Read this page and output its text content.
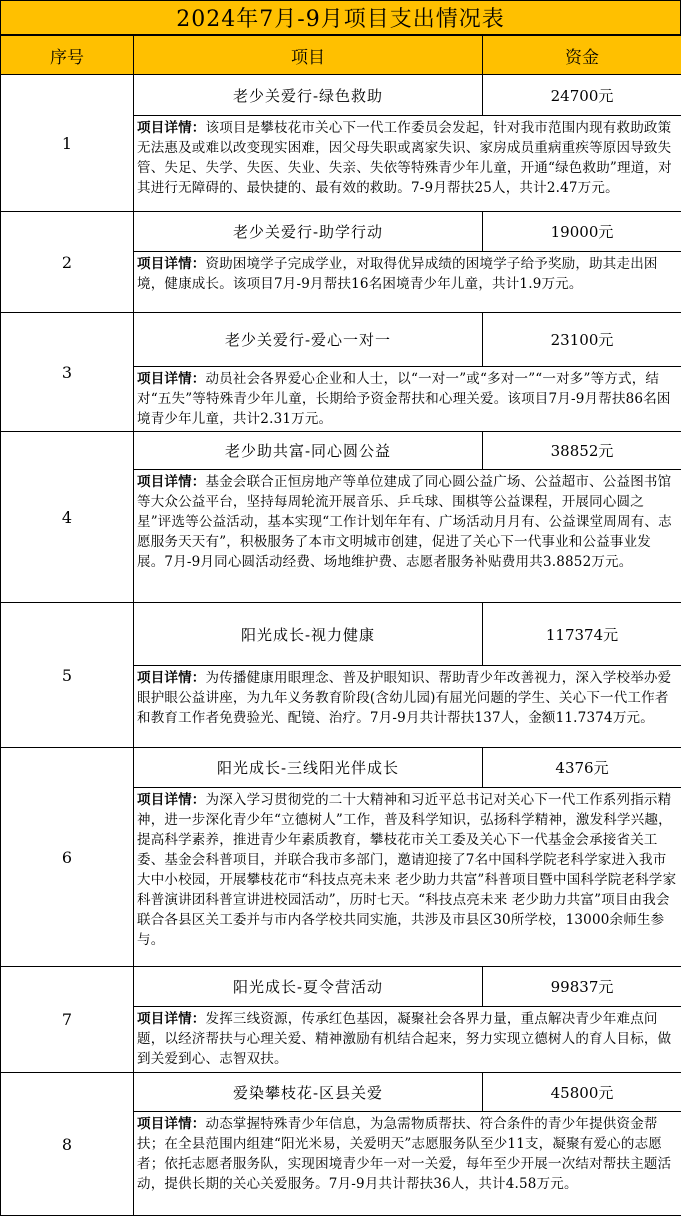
2024年7月-9月项目支出情况表
序号	项目	资金
1	老少关爱行-绿色救助	24700元
	项目详情：该项目是攀枝花市关心下一代工作委员会发起，针对我市范围内现有救助政策无法惠及或难以改变现实困难，因父母失职或离家失识、家房成员重病重疾等原因导致失管、失足、失学、失医、失业、失亲、失依等特殊青少年儿童，开通“绿色救助”理道，对其进行无障碍的、最快捷的、最有效的救助。7-9月帮扶25人，共计2.47万元。	
2	老少关爱行-助学行动	19000元
	项目详情：资助困境学子完成学业，对取得优异成绩的困境学子给予奖励，助其走出困境，健康成长。该项目7月-9月帮扶16名困境青少年儿童，共计1.9万元。	
3	老少关爱行-爱心一对一	23100元
	项目详情：动员社会各界爱心企业和人士，以“一对一”或“多对一”“一对多”等方式，结对“五失”等特殊青少年儿童，长期给予资金帮扶和心理关爱。该项目7月-9月帮扶86名困境青少年儿童，共计2.31万元。	
4	老少助共富-同心圆公益	38852元
	项目详情：基金会联合正恒房地产等单位建成了同心圆公益广场、公益超市、公益图书馆等大众公益平台，坚持每周轮流开展音乐、乒乓球、围棋等公益课程，开展同心圆之星”评选等公益活动，基本实现“工作计划年年有、广场活动月月有、公益课堂周周有、志愿服务天天有”，积极服务了本市文明城市创建，促进了关心下一代事业和公益事业发展。7月-9月同心圆活动经费、场地维护费、志愿者服务补贴费用共3.8852万元。	
5	阳光成长-视力健康	117374元
	项目详情：为传播健康用眼理念、普及护眼知识、帮助青少年改善视力，深入学校举办爱眼护眼公益讲座，为九年义务教育阶段(含幼儿园)有屈光问题的学生、关心下一代工作者和教育工作者免费验光、配镜、治疗。7月-9月共计帮扶137人，金额11.7374万元。	
6	阳光成长-三线阳光伴成长	4376元
	项目详情：为深入学习贯彻党的二十大精神和习近平总书记对关心下一代工作系列指示精神，进一步深化青少年“立德树人”工作，普及科学知识，弘扬科学精神，激发科学兴趣，提高科学素养，推进青少年素质教育，攀枝花市关工委及关心下一代基金会承接省关工委、基金会科普项目，并联合我市多部门，邀请迎接了7名中国科学院老科学家进入我市大中小校园，开展攀枝花市“科技点亮未来 老少助力共富”科普项目暨中国科学院老科学家科普演讲团科普宣讲进校园活动”，历时七天。“科技点亮未来 老少助力共富”项目由我会联合各县区关工委并与市内各学校共同实施，共涉及市县区30所学校，13000余师生参与。	
7	阳光成长-夏令营活动	99837元
	项目详情：发挥三线资源，传承红色基因，凝聚社会各界力量，重点解决青少年难点问题，以经济帮扶与心理关爱、精神激励有机结合起来，努力实现立德树人的育人目标，做到关爱到心、志智双扶。	
8	爱染攀枝花-区县关爱	45800元
	项目详情：动态掌握特殊青少年信息，为急需物质帮扶、符合条件的青少年提供资金帮扶；在全县范围内组建“阳光米易，关爱明天”志愿服务队至少11支，凝聚有爱心的志愿者；依托志愿者服务队，实现困境青少年一对一关爱，每年至少开展一次结对帮扶主题活动，提供长期的关心关爱服务。7月-9月共计帮扶36人，共计4.58万元。	
